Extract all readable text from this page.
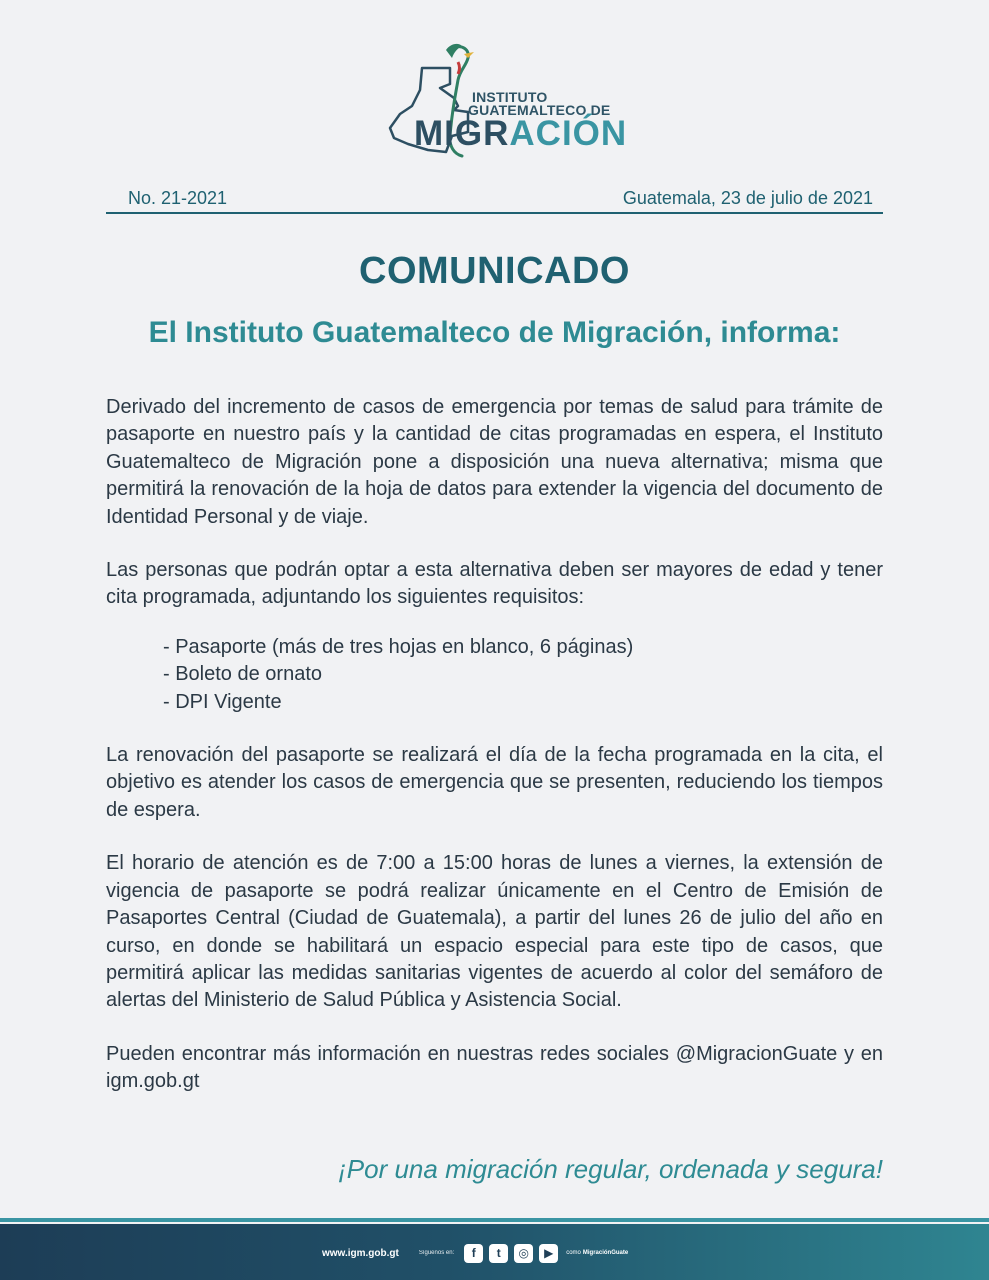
INSTITUTO
GUATEMALTECO DE
MIGRACIÓN
No. 21-2021	Guatemala, 23 de julio de 2021
COMUNICADO
El Instituto Guatemalteco de Migración, informa:

Derivado del incremento de casos de emergencia por temas de salud para trámite de pasaporte en nuestro país y la cantidad de citas programadas en espera, el Instituto Guatemalteco de Migración pone a disposición una nueva alternativa; misma que permitirá la renovación de la hoja de datos para extender la vigencia del documento de Identidad Personal y de viaje.

Las personas que podrán optar a esta alternativa deben ser mayores de edad y tener cita programada, adjuntando los siguientes requisitos:

- Pasaporte (más de tres hojas en blanco, 6 páginas)
- Boleto de ornato
- DPI Vigente

La renovación del pasaporte se realizará el día de la fecha programada en la cita, el objetivo es atender los casos de emergencia que se presenten, reduciendo los tiempos de espera.

El horario de atención es de 7:00 a 15:00 horas de lunes a viernes, la extensión de vigencia de pasaporte se podrá realizar únicamente en el Centro de Emisión de Pasaportes Central (Ciudad de Guatemala), a partir del lunes 26 de julio del año en curso, en donde se habilitará un espacio especial para este tipo de casos, que permitirá aplicar las medidas sanitarias vigentes de acuerdo al color del semáforo de alertas del Ministerio de Salud Pública y Asistencia Social.

Pueden encontrar más información en nuestras redes sociales @MigracionGuate y en igm.gob.gt

¡Por una migración regular, ordenada y segura!
www.igm.gob.gt	Síguenos en:	f	t	◎	▶	como MigraciónGuate
